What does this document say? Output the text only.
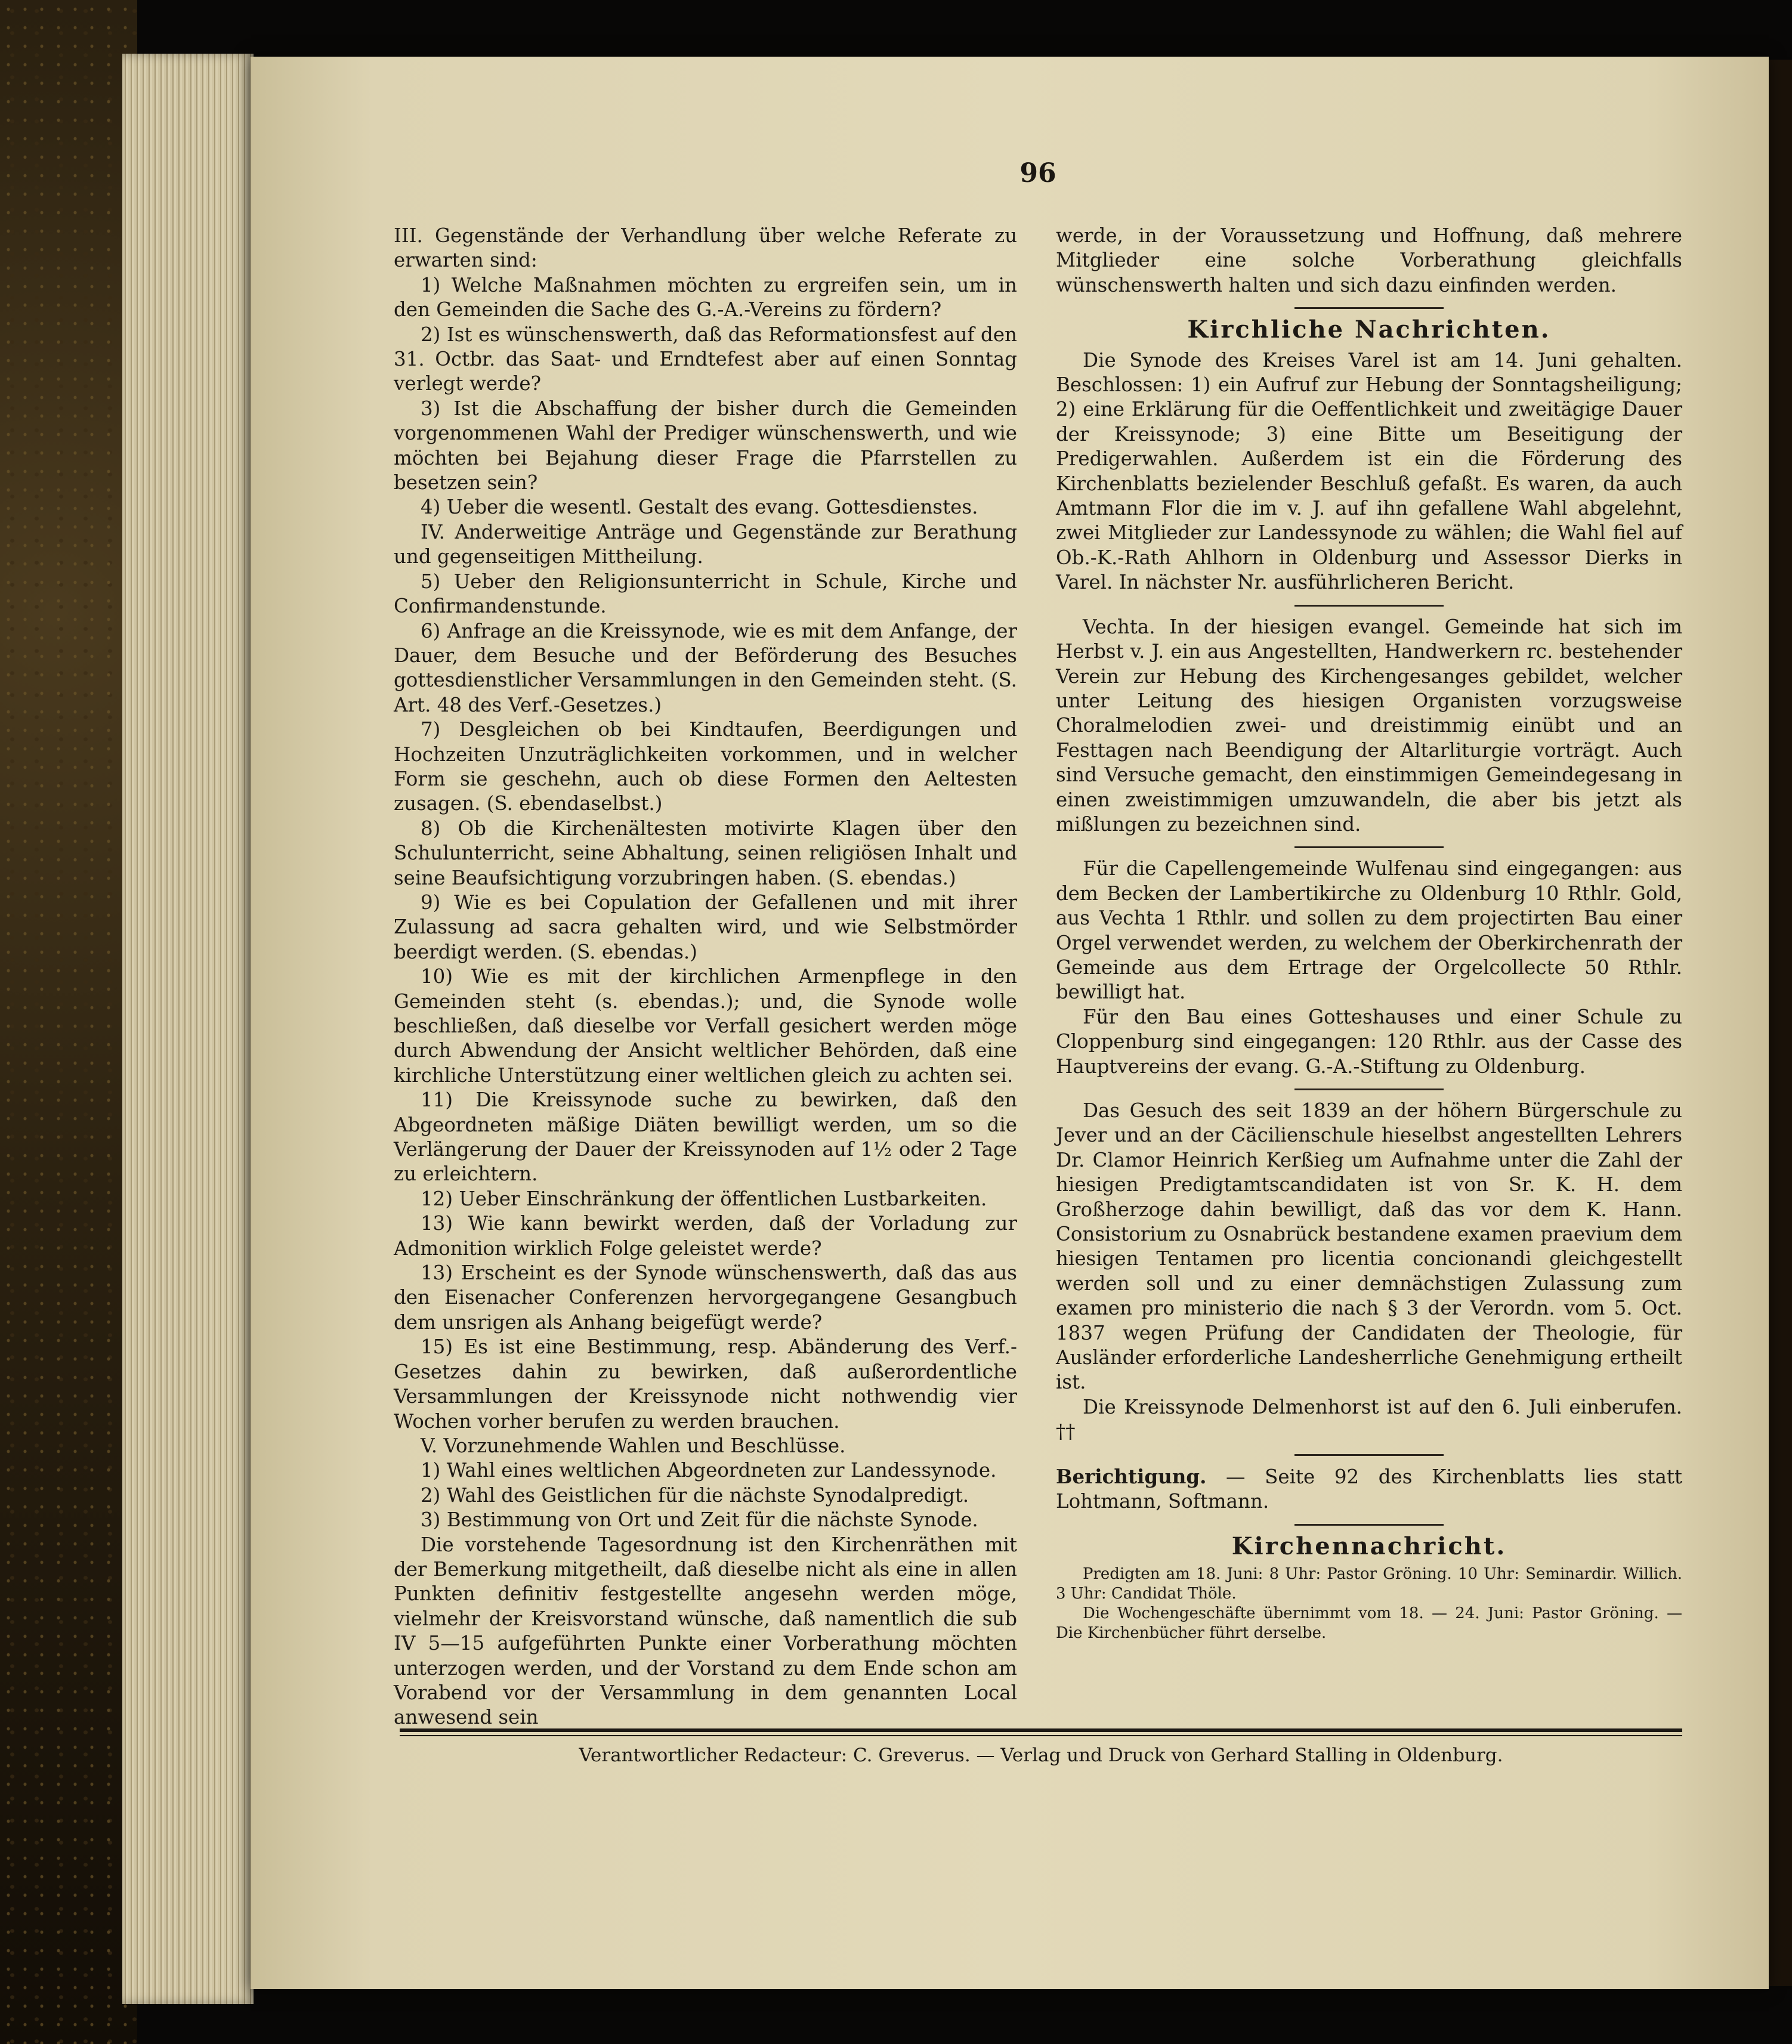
96

III. Gegenstände der Verhandlung über welche Referate zu erwarten sind:

1) Welche Maßnahmen möchten zu ergreifen sein, um in den Gemeinden die Sache des G.-A.-Vereins zu fördern?

2) Ist es wünschenswerth, daß das Reformationsfest auf den 31. Octbr. das Saat- und Erndtefest aber auf einen Sonntag verlegt werde?

3) Ist die Abschaffung der bisher durch die Gemeinden vorgenommenen Wahl der Prediger wünschenswerth, und wie möchten bei Bejahung dieser Frage die Pfarrstellen zu besetzen sein?

4) Ueber die wesentl. Gestalt des evang. Gottesdienstes.

IV. Anderweitige Anträge und Gegenstände zur Berathung und gegenseitigen Mittheilung.

5) Ueber den Religionsunterricht in Schule, Kirche und Confirmandenstunde.

6) Anfrage an die Kreissynode, wie es mit dem Anfange, der Dauer, dem Besuche und der Beförderung des Besuches gottesdienstlicher Versammlungen in den Gemeinden steht. (S. Art. 48 des Verf.-Gesetzes.)

7) Desgleichen ob bei Kindtaufen, Beerdigungen und Hochzeiten Unzuträglichkeiten vorkommen, und in welcher Form sie geschehn, auch ob diese Formen den Aeltesten zusagen. (S. ebendaselbst.)

8) Ob die Kirchenältesten motivirte Klagen über den Schulunterricht, seine Abhaltung, seinen religiösen Inhalt und seine Beaufsichtigung vorzubringen haben. (S. ebendas.)

9) Wie es bei Copulation der Gefallenen und mit ihrer Zulassung ad sacra gehalten wird, und wie Selbstmörder beerdigt werden. (S. ebendas.)

10) Wie es mit der kirchlichen Armenpflege in den Gemeinden steht (s. ebendas.); und, die Synode wolle beschließen, daß dieselbe vor Verfall gesichert werden möge durch Abwendung der Ansicht weltlicher Behörden, daß eine kirchliche Unterstützung einer weltlichen gleich zu achten sei.

11) Die Kreissynode suche zu bewirken, daß den Abgeordneten mäßige Diäten bewilligt werden, um so die Verlängerung der Dauer der Kreissynoden auf 1½ oder 2 Tage zu erleichtern.

12) Ueber Einschränkung der öffentlichen Lustbarkeiten.

13) Wie kann bewirkt werden, daß der Vorladung zur Admonition wirklich Folge geleistet werde?

13) Erscheint es der Synode wünschenswerth, daß das aus den Eisenacher Conferenzen hervorgegangene Gesangbuch dem unsrigen als Anhang beigefügt werde?

15) Es ist eine Bestimmung, resp. Abänderung des Verf.-Gesetzes dahin zu bewirken, daß außerordentliche Versammlungen der Kreissynode nicht nothwendig vier Wochen vorher berufen zu werden brauchen.

V. Vorzunehmende Wahlen und Beschlüsse.

1) Wahl eines weltlichen Abgeordneten zur Landessynode.

2) Wahl des Geistlichen für die nächste Synodalpredigt.

3) Bestimmung von Ort und Zeit für die nächste Synode.

Die vorstehende Tagesordnung ist den Kirchenräthen mit der Bemerkung mitgetheilt, daß dieselbe nicht als eine in allen Punkten definitiv festgestellte angesehn werden möge, vielmehr der Kreisvorstand wünsche, daß namentlich die sub IV 5—15 aufgeführten Punkte einer Vorberathung möchten unterzogen werden, und der Vorstand zu dem Ende schon am Vorabend vor der Versammlung in dem genannten Local anwesend sein

werde, in der Voraussetzung und Hoffnung, daß mehrere Mitglieder eine solche Vorberathung gleichfalls wünschenswerth halten und sich dazu einfinden werden.

Kirchliche Nachrichten.

Die Synode des Kreises Varel ist am 14. Juni gehalten. Beschlossen: 1) ein Aufruf zur Hebung der Sonntagsheiligung; 2) eine Erklärung für die Oeffentlichkeit und zweitägige Dauer der Kreissynode; 3) eine Bitte um Beseitigung der Predigerwahlen. Außerdem ist ein die Förderung des Kirchenblatts bezielender Beschluß gefaßt. Es waren, da auch Amtmann Flor die im v. J. auf ihn gefallene Wahl abgelehnt, zwei Mitglieder zur Landessynode zu wählen; die Wahl fiel auf Ob.-K.-Rath Ahlhorn in Oldenburg und Assessor Dierks in Varel. In nächster Nr. ausführlicheren Bericht.

Vechta. In der hiesigen evangel. Gemeinde hat sich im Herbst v. J. ein aus Angestellten, Handwerkern rc. bestehender Verein zur Hebung des Kirchengesanges gebildet, welcher unter Leitung des hiesigen Organisten vorzugsweise Choralmelodien zwei- und dreistimmig einübt und an Festtagen nach Beendigung der Altarliturgie vorträgt. Auch sind Versuche gemacht, den einstimmigen Gemeindegesang in einen zweistimmigen umzuwandeln, die aber bis jetzt als mißlungen zu bezeichnen sind.

Für die Capellengemeinde Wulfenau sind eingegangen: aus dem Becken der Lambertikirche zu Oldenburg 10 Rthlr. Gold, aus Vechta 1 Rthlr. und sollen zu dem projectirten Bau einer Orgel verwendet werden, zu welchem der Oberkirchenrath der Gemeinde aus dem Ertrage der Orgelcollecte 50 Rthlr. bewilligt hat.

Für den Bau eines Gotteshauses und einer Schule zu Cloppenburg sind eingegangen: 120 Rthlr. aus der Casse des Hauptvereins der evang. G.-A.-Stiftung zu Oldenburg.

Das Gesuch des seit 1839 an der höhern Bürgerschule zu Jever und an der Cäcilienschule hieselbst angestellten Lehrers Dr. Clamor Heinrich Kerßieg um Aufnahme unter die Zahl der hiesigen Predigtamtscandidaten ist von Sr. K. H. dem Großherzoge dahin bewilligt, daß das vor dem K. Hann. Consistorium zu Osnabrück bestandene examen praevium dem hiesigen Tentamen pro licentia concionandi gleichgestellt werden soll und zu einer demnächstigen Zulassung zum examen pro ministerio die nach § 3 der Verordn. vom 5. Oct. 1837 wegen Prüfung der Candidaten der Theologie, für Ausländer erforderliche Landesherrliche Genehmigung ertheilt ist.

Die Kreissynode Delmenhorst ist auf den 6. Juli einberufen. ††

Berichtigung. — Seite 92 des Kirchenblatts lies statt Lohtmann, Softmann.

Kirchennachricht.

Predigten am 18. Juni: 8 Uhr: Pastor Gröning. 10 Uhr: Seminardir. Willich. 3 Uhr: Candidat Thöle.

Die Wochengeschäfte übernimmt vom 18. — 24. Juni: Pastor Gröning. — Die Kirchenbücher führt derselbe.

Verantwortlicher Redacteur: C. Greverus. — Verlag und Druck von Gerhard Stalling in Oldenburg.
